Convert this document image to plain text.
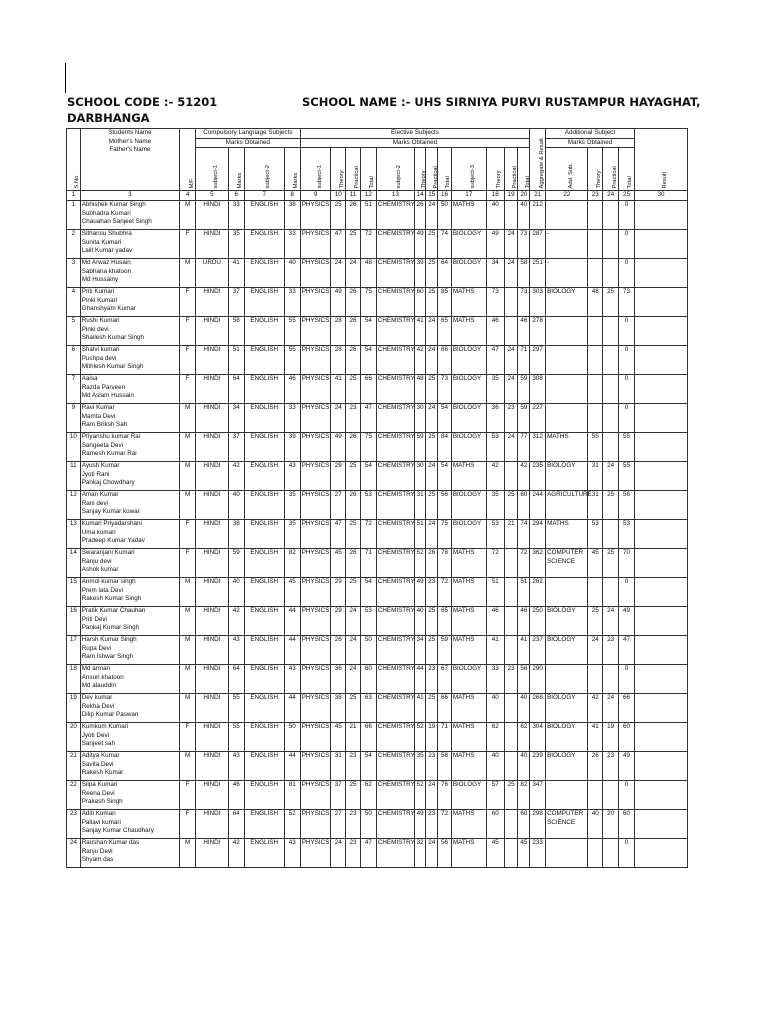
SCHOOL CODE :- 51201	SCHOOL NAME :- UHS SIRNIYA PURVI RUSTAMPUR HAYAGHAT,
DARBHANGA
S.No	Students Name
Mother's Name
Father's Name	M/F	Compulsory Language Subjects				Elective Subjects												Aggregate & Result	Additional Subject				Result

			Marks Obtained				Marks Obtained													Marks Obtained				

			subject-1	Marks	subject-2	Marks	subject-1	Theory	Practical	Total	subject-2	Theory	Practical	Total	subject-3	Theory	Practical	Total		Add. Sub.	Theory	Practical	Total	

1	3	4	5	6	7	8	9	10	11	12	13	14	15	16	17	18	19	20	21	22	23	24	25	30
1	Abhishek Kumar Singh
Subhadra Kumari
Chauahan Sanjeet Singh	M	HINDI	33	ENGLISH	38	PHYSICS	25	26	51	CHEMISTRY	26	24	50	MATHS	40		40	212				0	
2	Sithansu Shubhra
Sunita Kumari
Lalit Kumar yadav	F	HINDI	35	ENGLISH	33	PHYSICS	47	25	72	CHEMISTRY	49	25	74	BIOLOGY	49	24	73	287	-			0	
3	Md Arwaz Husain
Sabhana khatoon
Md Hussainy	M	URDU	41	ENGLISH	40	PHYSICS	24	24	48	CHEMISTRY	39	25	64	BIOLOGY	34	24	58	251	-			0	
4	Priti Kumari
Pinki Kumari
Ghanshyam Kumar	F	HINDI	37	ENGLISH	33	PHYSICS	49	26	75	CHEMISTRY	60	25	85	MATHS	73		73	303	BIOLOGY	48	25	73	
5	Rushi Kumari
Pinki devi
Shailesh Kumar Singh	F	HINDI	58	ENGLISH	55	PHYSICS	28	26	54	CHEMISTRY	41	24	65	MATHS	46		46	278				0	
6	Shalvi kumari
Pushpa devi
Mithlesh Kumar Singh	F	HINDI	51	ENGLISH	55	PHYSICS	28	26	54	CHEMISTRY	42	24	66	BIOLOGY	47	24	71	297				0	
7	Aaisa
Razda Parveen
Md Aslam Hussain	F	HINDI	64	ENGLISH	46	PHYSICS	41	25	66	CHEMISTRY	48	25	73	BIOLOGY	35	24	59	308				0	
9	Ravi Kumar
Mamta Devi
Ram Briksh Sah	M	HINDI	34	ENGLISH	33	PHYSICS	24	23	47	CHEMISTRY	30	24	54	BIOLOGY	36	23	59	227				0	
10	Priyanshu kumar Rai
Sangeeta Devi
Ramesh Kumar Rai	M	HINDI	37	ENGLISH	39	PHYSICS	49	26	75	CHEMISTRY	59	25	84	BIOLOGY	53	24	77	312	MATHS	55		55	
11	Ayush Kumar
Jyoti Rani
Pankaj Chowdhary	M	HINDI	42	ENGLISH	43	PHYSICS	29	25	54	CHEMISTRY	30	24	54	MATHS	42		42	235	BIOLOGY	31	24	55	
12	Aman Kumar
Rani devi
Sanjay Kumar kuwar	M	HINDI	40	ENGLISH	35	PHYSICS	27	26	53	CHEMISTRY	31	25	56	BIOLOGY	35	25	60	244	AGRICULTURE	31	25	56	
13	Kumari Priyadarshani
Uma kumari
Pradeep Kumar Yadav	F	HINDI	38	ENGLISH	35	PHYSICS	47	25	72	CHEMISTRY	51	24	75	BIOLOGY	53	21	74	294	MATHS	53		53	
14	Swaranjani Kumari
Ranju devi
Ashok kumar	F	HINDI	59	ENGLISH	82	PHYSICS	45	26	71	CHEMISTRY	52	26	78	MATHS	72		72	362	COMPUTER SCIENCE	45	25	70	
15	Anmol kumar singh
Prem lata Devi
Rakesh Kumar Singh	M	HINDI	40	ENGLISH	45	PHYSICS	29	25	54	CHEMISTRY	49	23	72	MATHS	51		51	262				0	
16	Pratik Kumar Chauhan
Priti Devi
Pankaj Kumar Singh	M	HINDI	42	ENGLISH	44	PHYSICS	29	24	53	CHEMISTRY	40	25	65	MATHS	46		46	250	BIOLOGY	25	24	49	
17	Harsh Kumar Singh
Rupa Devi
Ram Ishwar Singh	M	HINDI	43	ENGLISH	44	PHYSICS	26	24	50	CHEMISTRY	34	25	59	MATHS	41		41	237	BIOLOGY	24	23	47	
18	Md arman
Ansuri khatoon
Md alauddin	M	HINDI	64	ENGLISH	43	PHYSICS	36	24	60	CHEMISTRY	44	23	67	BIOLOGY	33	23	56	290				0	
19	Dev kumar
Rekha Devi
Dilip Kumar Paswan	M	HINDI	55	ENGLISH	44	PHYSICS	38	25	63	CHEMISTRY	41	25	66	MATHS	40		40	268	BIOLOGY	42	24	66	
20	Kumkum Kumari
Jyoti Devi
Sanjeet sah	F	HINDI	55	ENGLISH	50	PHYSICS	45	21	66	CHEMISTRY	52	19	71	MATHS	62		62	304	BIOLOGY	41	19	60	
21	Aditya Kumar
Savita Devi
Rakesh Kumar	M	HINDI	43	ENGLISH	44	PHYSICS	31	23	54	CHEMISTRY	35	23	58	MATHS	40		40	239	BIOLOGY	26	23	49	
22	Silpa Kumari
Reena Devi
Prakash Singh	F	HINDI	46	ENGLISH	81	PHYSICS	37	25	62	CHEMISTRY	52	24	76	BIOLOGY	57	25	82	347				0	
23	Aditi Kumari
Pallavi kumari
Sanjay Kumar Chaudhary	F	HINDI	64	ENGLISH	52	PHYSICS	27	23	50	CHEMISTRY	49	23	72	MATHS	60		60	298	COMPUTER SCIENCE	40	20	60	
24	Raushan Kumar das
Ranju Devi
Shyam das	M	HINDI	42	ENGLISH	43	PHYSICS	24	23	47	CHEMISTRY	32	24	56	MATHS	45		45	233				0	
